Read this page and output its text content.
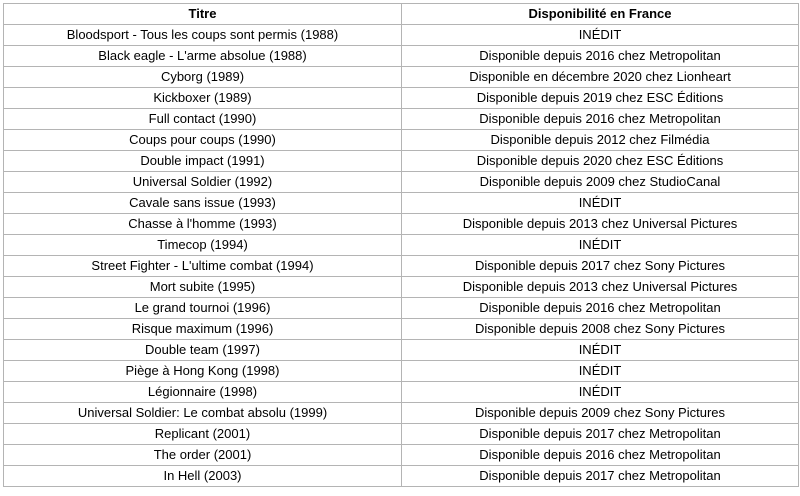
Titre	Disponibilité en France
Bloodsport - Tous les coups sont permis (1988)	INÉDIT
Black eagle - L'arme absolue (1988)	Disponible depuis 2016 chez Metropolitan
Cyborg (1989)	Disponible en décembre 2020 chez Lionheart
Kickboxer (1989)	Disponible depuis 2019 chez ESC Éditions
Full contact (1990)	Disponible depuis 2016 chez Metropolitan
Coups pour coups (1990)	Disponible depuis 2012 chez Filmédia
Double impact (1991)	Disponible depuis 2020 chez ESC Éditions
Universal Soldier (1992)	Disponible depuis 2009 chez StudioCanal
Cavale sans issue (1993)	INÉDIT
Chasse à l'homme (1993)	Disponible depuis 2013 chez Universal Pictures
Timecop (1994)	INÉDIT
Street Fighter - L'ultime combat (1994)	Disponible depuis 2017 chez Sony Pictures
Mort subite (1995)	Disponible depuis 2013 chez Universal Pictures
Le grand tournoi (1996)	Disponible depuis 2016 chez Metropolitan
Risque maximum (1996)	Disponible depuis 2008 chez Sony Pictures
Double team (1997)	INÉDIT
Piège à Hong Kong (1998)	INÉDIT
Légionnaire (1998)	INÉDIT
Universal Soldier: Le combat absolu (1999)	Disponible depuis 2009 chez Sony Pictures
Replicant (2001)	Disponible depuis 2017 chez Metropolitan
The order (2001)	Disponible depuis 2016 chez Metropolitan
In Hell (2003)	Disponible depuis 2017 chez Metropolitan
